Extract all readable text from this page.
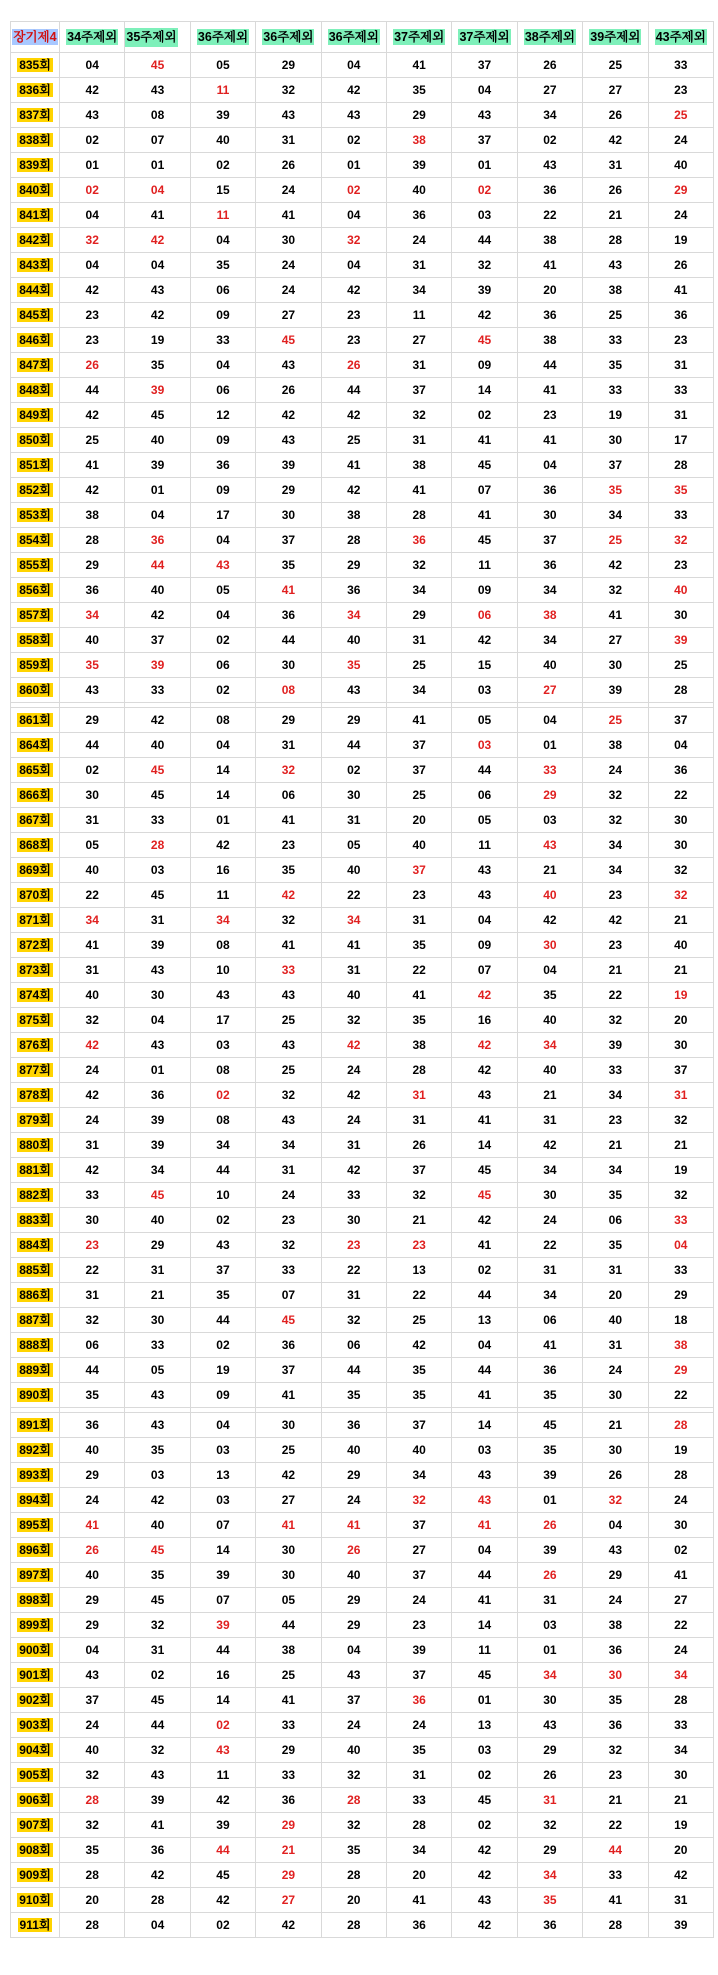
장기제4	34주제외	35주제외	36주제외	36주제외	36주제외	37주제외	37주제외	38주제외	39주제외	43주제외
835회	04	45	05	29	04	41	37	26	25	33
836회	42	43	11	32	42	35	04	27	27	23
837회	43	08	39	43	43	29	43	34	26	25
838회	02	07	40	31	02	38	37	02	42	24
839회	01	01	02	26	01	39	01	43	31	40
840회	02	04	15	24	02	40	02	36	26	29
841회	04	41	11	41	04	36	03	22	21	24
842회	32	42	04	30	32	24	44	38	28	19
843회	04	04	35	24	04	31	32	41	43	26
844회	42	43	06	24	42	34	39	20	38	41
845회	23	42	09	27	23	11	42	36	25	36
846회	23	19	33	45	23	27	45	38	33	23
847회	26	35	04	43	26	31	09	44	35	31
848회	44	39	06	26	44	37	14	41	33	33
849회	42	45	12	42	42	32	02	23	19	31
850회	25	40	09	43	25	31	41	41	30	17
851회	41	39	36	39	41	38	45	04	37	28
852회	42	01	09	29	42	41	07	36	35	35
853회	38	04	17	30	38	28	41	30	34	33
854회	28	36	04	37	28	36	45	37	25	32
855회	29	44	43	35	29	32	11	36	42	23
856회	36	40	05	41	36	34	09	34	32	40
857회	34	42	04	36	34	29	06	38	41	30
858회	40	37	02	44	40	31	42	34	27	39
859회	35	39	06	30	35	25	15	40	30	25
860회	43	33	02	08	43	34	03	27	39	28

861회	29	42	08	29	29	41	05	04	25	37
864회	44	40	04	31	44	37	03	01	38	04
865회	02	45	14	32	02	37	44	33	24	36
866회	30	45	14	06	30	25	06	29	32	22
867회	31	33	01	41	31	20	05	03	32	30
868회	05	28	42	23	05	40	11	43	34	30
869회	40	03	16	35	40	37	43	21	34	32
870회	22	45	11	42	22	23	43	40	23	32
871회	34	31	34	32	34	31	04	42	42	21
872회	41	39	08	41	41	35	09	30	23	40
873회	31	43	10	33	31	22	07	04	21	21
874회	40	30	43	43	40	41	42	35	22	19
875회	32	04	17	25	32	35	16	40	32	20
876회	42	43	03	43	42	38	42	34	39	30
877회	24	01	08	25	24	28	42	40	33	37
878회	42	36	02	32	42	31	43	21	34	31
879회	24	39	08	43	24	31	41	31	23	32
880회	31	39	34	34	31	26	14	42	21	21
881회	42	34	44	31	42	37	45	34	34	19
882회	33	45	10	24	33	32	45	30	35	32
883회	30	40	02	23	30	21	42	24	06	33
884회	23	29	43	32	23	23	41	22	35	04
885회	22	31	37	33	22	13	02	31	31	33
886회	31	21	35	07	31	22	44	34	20	29
887회	32	30	44	45	32	25	13	06	40	18
888회	06	33	02	36	06	42	04	41	31	38
889회	44	05	19	37	44	35	44	36	24	29
890회	35	43	09	41	35	35	41	35	30	22

891회	36	43	04	30	36	37	14	45	21	28
892회	40	35	03	25	40	40	03	35	30	19
893회	29	03	13	42	29	34	43	39	26	28
894회	24	42	03	27	24	32	43	01	32	24
895회	41	40	07	41	41	37	41	26	04	30
896회	26	45	14	30	26	27	04	39	43	02
897회	40	35	39	30	40	37	44	26	29	41
898회	29	45	07	05	29	24	41	31	24	27
899회	29	32	39	44	29	23	14	03	38	22
900회	04	31	44	38	04	39	11	01	36	24
901회	43	02	16	25	43	37	45	34	30	34
902회	37	45	14	41	37	36	01	30	35	28
903회	24	44	02	33	24	24	13	43	36	33
904회	40	32	43	29	40	35	03	29	32	34
905회	32	43	11	33	32	31	02	26	23	30
906회	28	39	42	36	28	33	45	31	21	21
907회	32	41	39	29	32	28	02	32	22	19
908회	35	36	44	21	35	34	42	29	44	20
909회	28	42	45	29	28	20	42	34	33	42
910회	20	28	42	27	20	41	43	35	41	31
911회	28	04	02	42	28	36	42	36	28	39
